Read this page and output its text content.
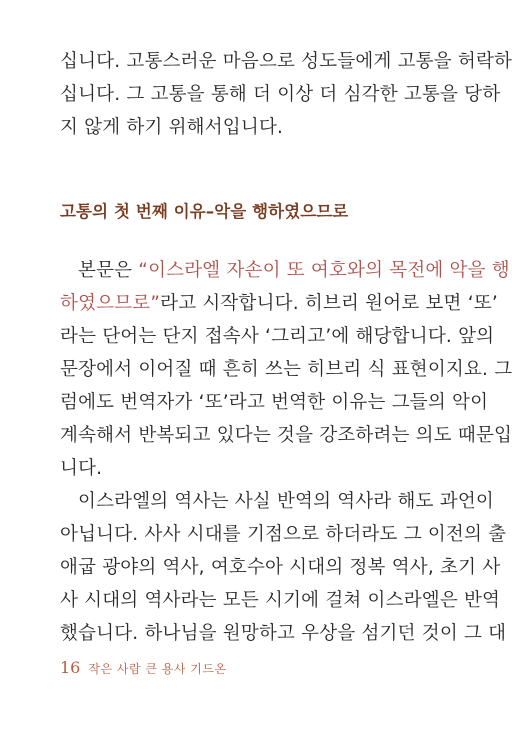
십니다. 고통스러운 마음으로 성도들에게 고통을 허락하
십니다. 그 고통을 통해 더 이상 더 심각한 고통을 당하
지 않게 하기 위해서입니다.
고통의 첫 번째 이유–악을 행하였으므로
본문은 “이스라엘 자손이 또 여호와의 목전에 악을 행
하였으므로”라고 시작합니다. 히브리 원어로 보면 ‘또’
라는 단어는 단지 접속사 ‘그리고’에 해당합니다. 앞의
문장에서 이어질 때 흔히 쓰는 히브리 식 표현이지요. 그
럼에도 번역자가 ‘또’라고 번역한 이유는 그들의 악이
계속해서 반복되고 있다는 것을 강조하려는 의도 때문입
니다.
이스라엘의 역사는 사실 반역의 역사라 해도 과언이
아닙니다. 사사 시대를 기점으로 하더라도 그 이전의 출
애굽 광야의 역사, 여호수아 시대의 정복 역사, 초기 사
사 시대의 역사라는 모든 시기에 걸쳐 이스라엘은 반역
했습니다. 하나님을 원망하고 우상을 섬기던 것이 그 대
16 작은 사람 큰 용사 기드온
